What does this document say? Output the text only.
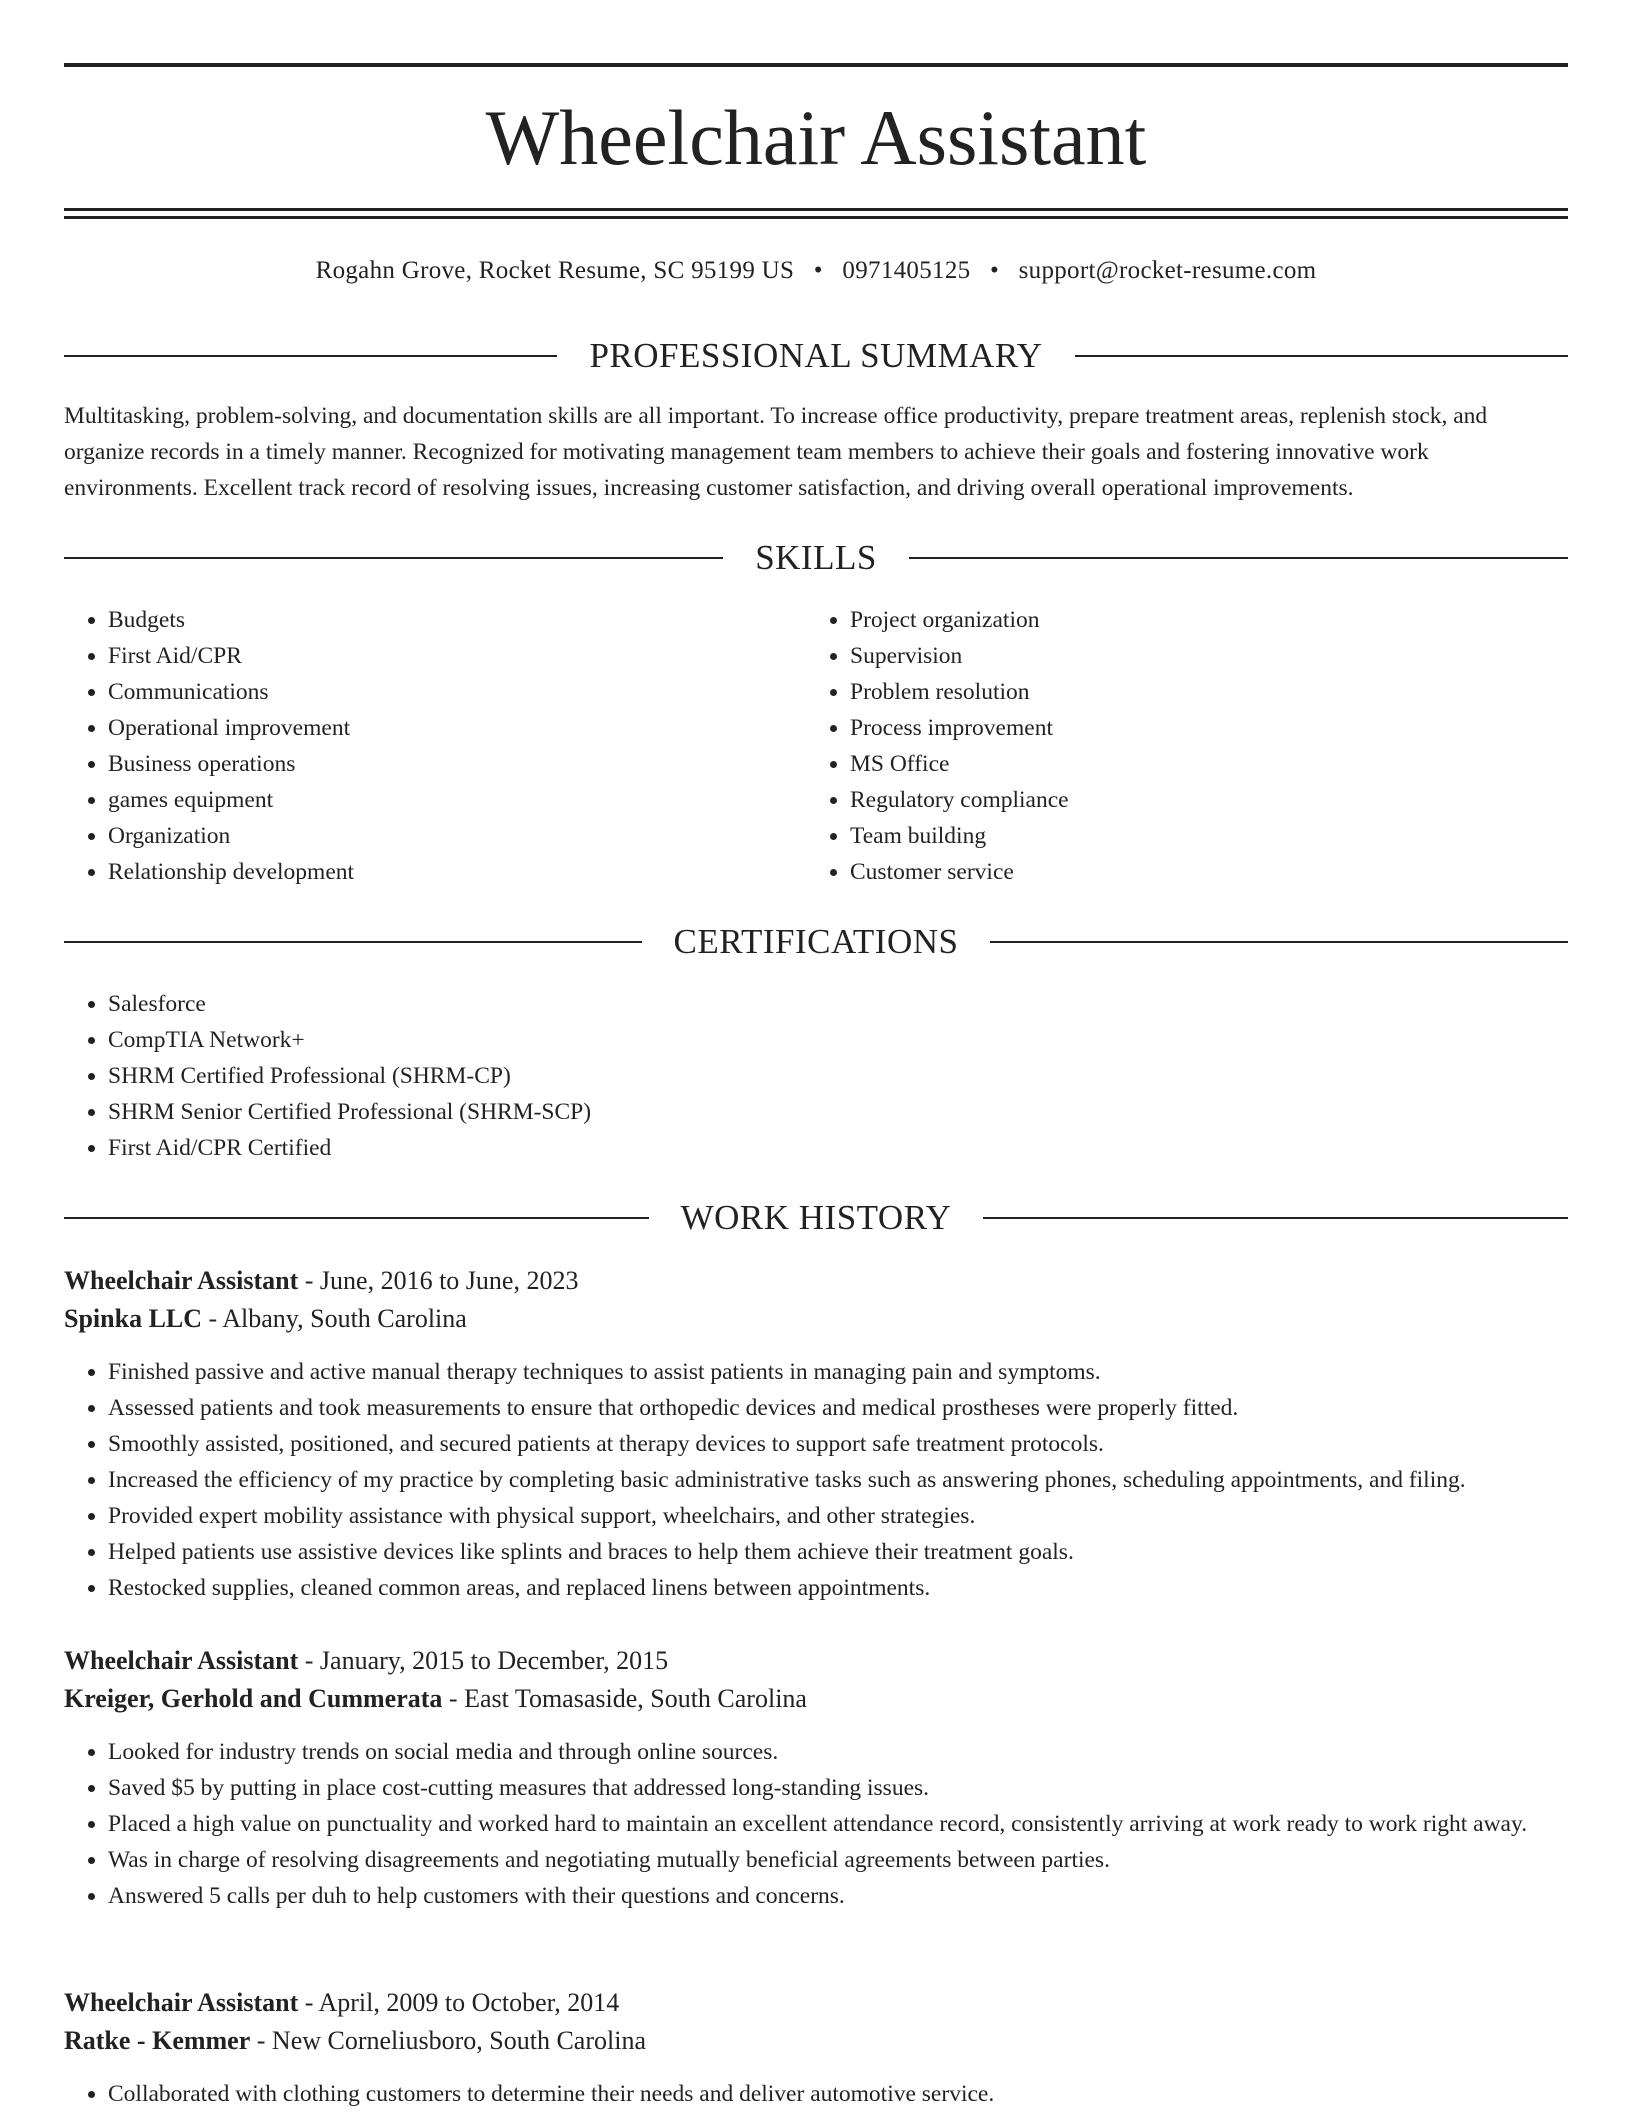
Wheelchair Assistant
Rogahn Grove, Rocket Resume, SC 95199 US • 0971405125 • support@rocket-resume.com
PROFESSIONAL SUMMARY

Multitasking, problem-solving, and documentation skills are all important. To increase office productivity, prepare treatment areas, replenish stock, and organize records in a timely manner. Recognized for motivating management team members to achieve their goals and fostering innovative work environments. Excellent track record of resolving issues, increasing customer satisfaction, and driving overall operational improvements.

SKILLS
• Budgets
• First Aid/CPR
• Communications
• Operational improvement
• Business operations
• games equipment
• Organization
• Relationship development
• Project organization
• Supervision
• Problem resolution
• Process improvement
• MS Office
• Regulatory compliance
• Team building
• Customer service
CERTIFICATIONS
• Salesforce
• CompTIA Network+
• SHRM Certified Professional (SHRM-CP)
• SHRM Senior Certified Professional (SHRM-SCP)
• First Aid/CPR Certified
WORK HISTORY

Wheelchair Assistant - June, 2016 to June, 2023

Spinka LLC - Albany, South Carolina

• Finished passive and active manual therapy techniques to assist patients in managing pain and symptoms.
• Assessed patients and took measurements to ensure that orthopedic devices and medical prostheses were properly fitted.
• Smoothly assisted, positioned, and secured patients at therapy devices to support safe treatment protocols.
• Increased the efficiency of my practice by completing basic administrative tasks such as answering phones, scheduling appointments, and filing.
• Provided expert mobility assistance with physical support, wheelchairs, and other strategies.
• Helped patients use assistive devices like splints and braces to help them achieve their treatment goals.
• Restocked supplies, cleaned common areas, and replaced linens between appointments.

Wheelchair Assistant - January, 2015 to December, 2015

Kreiger, Gerhold and Cummerata - East Tomasaside, South Carolina

• Looked for industry trends on social media and through online sources.
• Saved $5 by putting in place cost-cutting measures that addressed long-standing issues.
• Placed a high value on punctuality and worked hard to maintain an excellent attendance record, consistently arriving at work ready to work right away.
• Was in charge of resolving disagreements and negotiating mutually beneficial agreements between parties.
• Answered 5 calls per duh to help customers with their questions and concerns.

Wheelchair Assistant - April, 2009 to October, 2014

Ratke - Kemmer - New Corneliusboro, South Carolina

• Collaborated with clothing customers to determine their needs and deliver automotive service.
